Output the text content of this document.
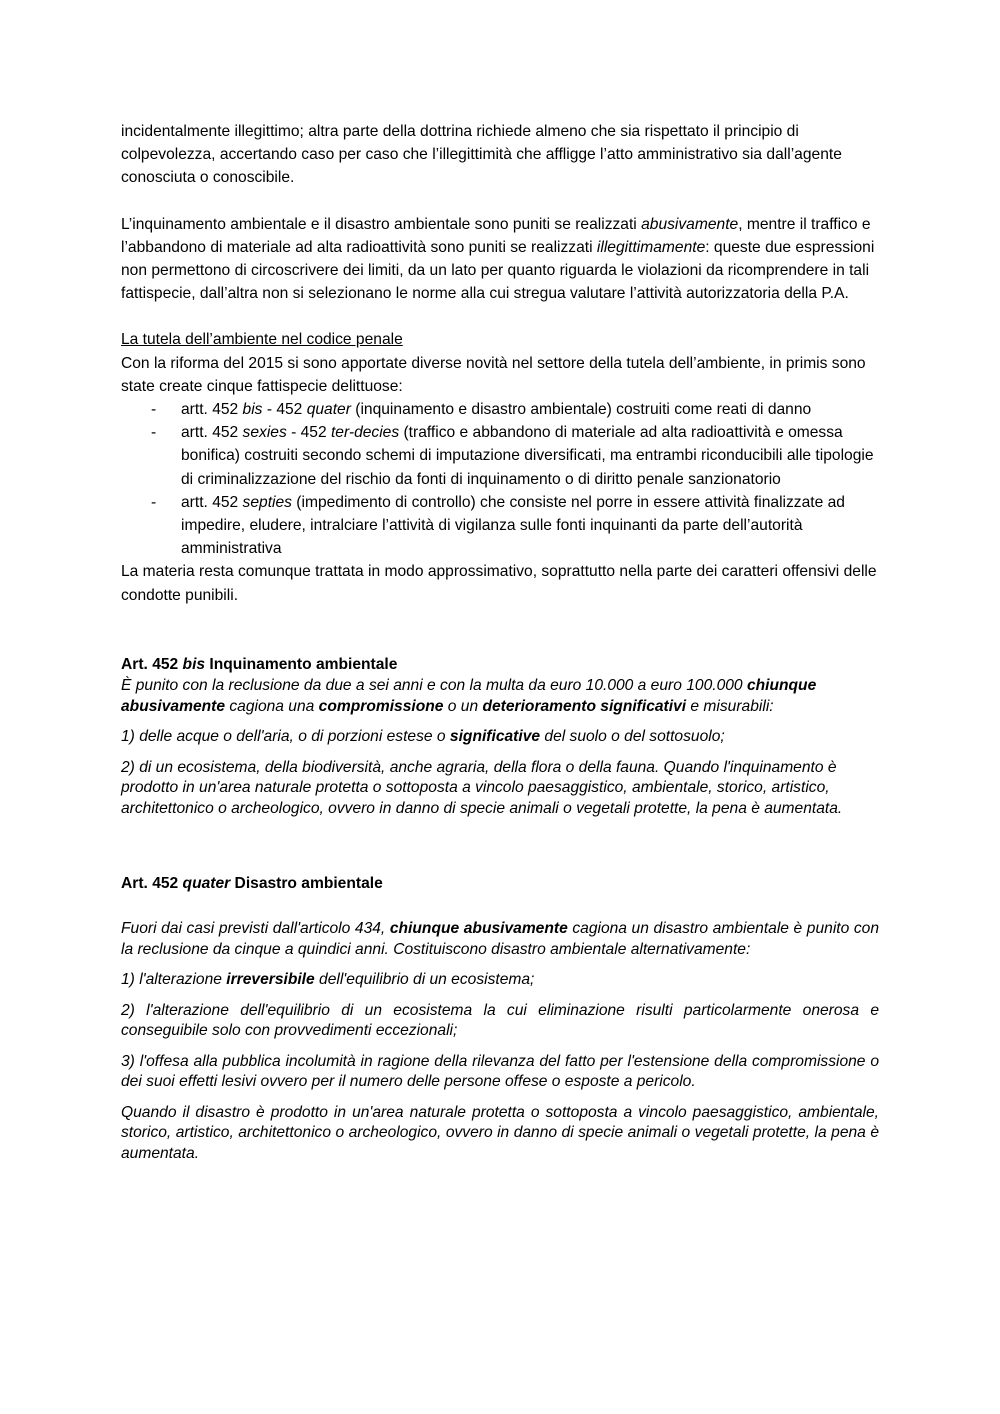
incidentalmente illegittimo; altra parte della dottrina richiede almeno che sia rispettato il principio di colpevolezza, accertando caso per caso che l’illegittimità che affligge l’atto amministrativo sia dall’agente conosciuta o conoscibile.

L’inquinamento ambientale e il disastro ambientale sono puniti se realizzati abusivamente, mentre il traffico e l’abbandono di materiale ad alta radioattività sono puniti se realizzati illegittimamente: queste due espressioni non permettono di circoscrivere dei limiti, da un lato per quanto riguarda le violazioni da ricomprendere in tali fattispecie, dall’altra non si selezionano le norme alla cui stregua valutare l’attività autorizzatoria della P.A.

La tutela dell’ambiente nel codice penale

Con la riforma del 2015 si sono apportate diverse novità nel settore della tutela dell’ambiente, in primis sono state create cinque fattispecie delittuose:

- artt. 452 bis - 452 quater (inquinamento e disastro ambientale) costruiti come reati di danno
- artt. 452 sexies - 452 ter-decies (traffico e abbandono di materiale ad alta radioattività e omessa bonifica) costruiti secondo schemi di imputazione diversificati, ma entrambi riconducibili alle tipologie di criminalizzazione del rischio da fonti di inquinamento o di diritto penale sanzionatorio
- artt. 452 septies (impedimento di controllo) che consiste nel porre in essere attività finalizzate ad impedire, eludere, intralciare l’attività di vigilanza sulle fonti inquinanti da parte dell’autorità amministrativa

La materia resta comunque trattata in modo approssimativo, soprattutto nella parte dei caratteri offensivi delle condotte punibili.

Art. 452 bis Inquinamento ambientale

È punito con la reclusione da due a sei anni e con la multa da euro 10.000 a euro 100.000 chiunque abusivamente cagiona una compromissione o un deterioramento significativi e misurabili:

1) delle acque o dell'aria, o di porzioni estese o significative del suolo o del sottosuolo;

2) di un ecosistema, della biodiversità, anche agraria, della flora o della fauna. Quando l'inquinamento è prodotto in un'area naturale protetta o sottoposta a vincolo paesaggistico, ambientale, storico, artistico, architettonico o archeologico, ovvero in danno di specie animali o vegetali protette, la pena è aumentata.

Art. 452 quater Disastro ambientale

Fuori dai casi previsti dall'articolo 434, chiunque abusivamente cagiona un disastro ambientale è punito con la reclusione da cinque a quindici anni. Costituiscono disastro ambientale alternativamente:

1) l'alterazione irreversibile dell'equilibrio di un ecosistema;

2) l'alterazione dell'equilibrio di un ecosistema la cui eliminazione risulti particolarmente onerosa e conseguibile solo con provvedimenti eccezionali;

3) l'offesa alla pubblica incolumità in ragione della rilevanza del fatto per l'estensione della compromissione o dei suoi effetti lesivi ovvero per il numero delle persone offese o esposte a pericolo.

Quando il disastro è prodotto in un'area naturale protetta o sottoposta a vincolo paesaggistico, ambientale, storico, artistico, architettonico o archeologico, ovvero in danno di specie animali o vegetali protette, la pena è aumentata.
